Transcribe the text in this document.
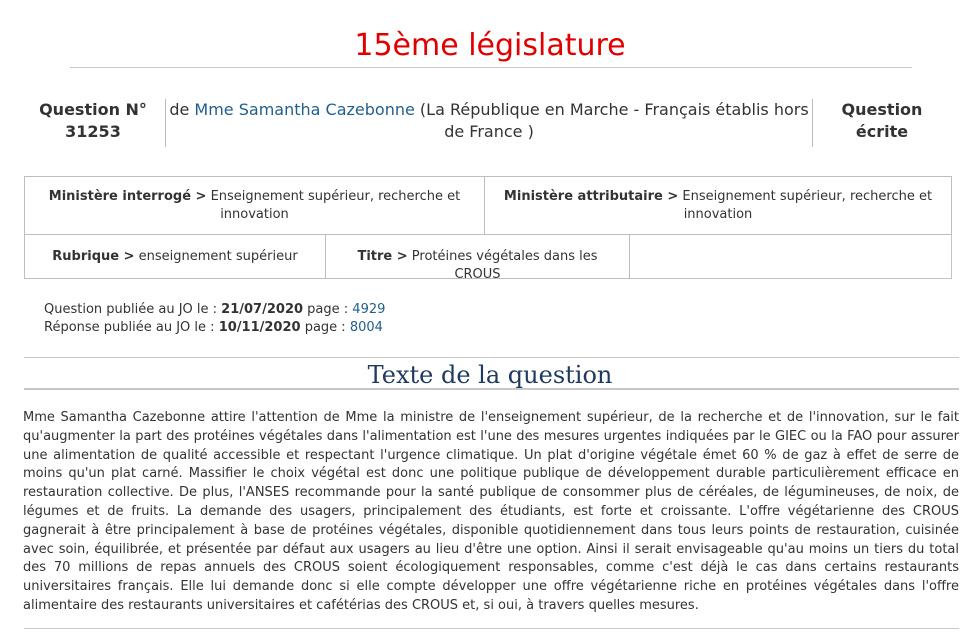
15ème législature
Question N°
31253
de Mme Samantha Cazebonne (La République en Marche - Français établis hors de France )
Question écrite
Ministère interrogé > Enseignement supérieur, recherche et innovation
Ministère attributaire > Enseignement supérieur, recherche et innovation
Rubrique > enseignement supérieur	Titre > Protéines végétales dans les CROUS
Question publiée au JO le : 21/07/2020 page : 4929
Réponse publiée au JO le : 10/11/2020 page : 8004
Texte de la question
Mme Samantha Cazebonne attire l'attention de Mme la ministre de l'enseignement supérieur, de la recherche et de l'innovation, sur le fait qu'augmenter la part des protéines végétales dans l'alimentation est l'une des mesures urgentes indiquées par le GIEC ou la FAO pour assurer une alimentation de qualité accessible et respectant l'urgence climatique. Un plat d'origine végétale émet 60 % de gaz à effet de serre de moins qu'un plat carné. Massifier le choix végétal est donc une politique publique de développement durable particulièrement efficace en restauration collective. De plus, l'ANSES recommande pour la santé publique de consommer plus de céréales, de légumineuses, de noix, de légumes et de fruits. La demande des usagers, principalement des étudiants, est forte et croissante. L'offre végétarienne des CROUS gagnerait à être principalement à base de protéines végétales, disponible quotidiennement dans tous leurs points de restauration, cuisinée avec soin, équilibrée, et présentée par défaut aux usagers au lieu d'être une option. Ainsi il serait envisageable qu'au moins un tiers du total des 70 millions de repas annuels des CROUS soient écologiquement responsables, comme c'est déjà le cas dans certains restaurants universitaires français. Elle lui demande donc si elle compte développer une offre végétarienne riche en protéines végétales dans l'offre alimentaire des restaurants universitaires et cafétérias des CROUS et, si oui, à travers quelles mesures.
